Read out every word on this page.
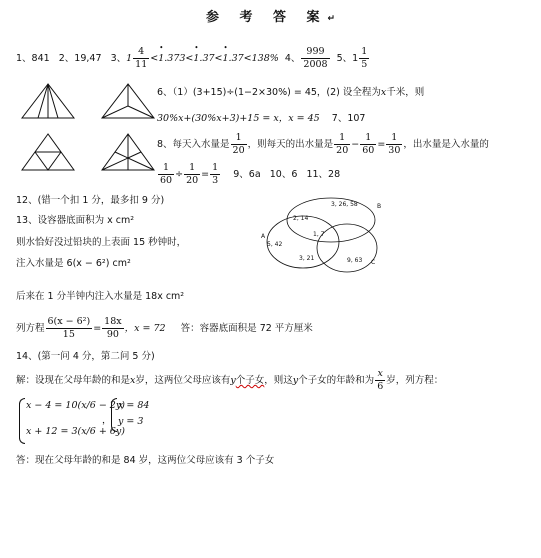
参 考 答 案↵
1、841 2、19,47 3、$1 \frac{4}{11}$ <• 1.373<• 1.37<• 1.37<138% 4、 $\frac{999}{2008} 5$、$1 \frac{1}{5}$
6、（1）(3+15)÷(1−2×30%) = 45，(2) 设全程为x千米，则
30%x+(30%x+3)+15 = x，x = 45 7、107
8、每天入水量是 $\frac{1}{20}$ ，则每天的出水量是 $\frac{1}{20} - \frac{1}{60} = \frac{1}{30}$ ，出水量是入水量的
$\frac{1}{60} \div \frac{1}{20} = \frac{1}{3} 9$、6a 10、6 11、28
12、(错一个扣 1 分，最多扣 9 分)
13、设容器底面积为 x cm²
则水恰好没过铅块的上表面 15 秒钟时，
注入水量是 6(x − 6²) cm²
后来在 1 分半钟内注入水量是 18x cm²
列方程 $\frac{\text{6(x − 6²)}}{15} = \frac{18x}{90}$ ，x = 72 答：容器底面积是 72 平方厘米
B
A
C
2, 14
3, 26, 58
1, 7
5, 42
3, 21	9, 63
14、(第一问 4 分，第二问 5 分)
解：设现在父母年龄的和是x岁，这两位父母应该有y个子女，则这y个子女的年龄和为 $\frac{x}{6}$ 岁，列方程：
x − 4 = 10(x/6 − 2y)
x + 12 = 3(x/6 + 6y)
，
x = 84
y = 3
答：现在父母年龄的和是 84 岁，这两位父母应该有 3 个子女
